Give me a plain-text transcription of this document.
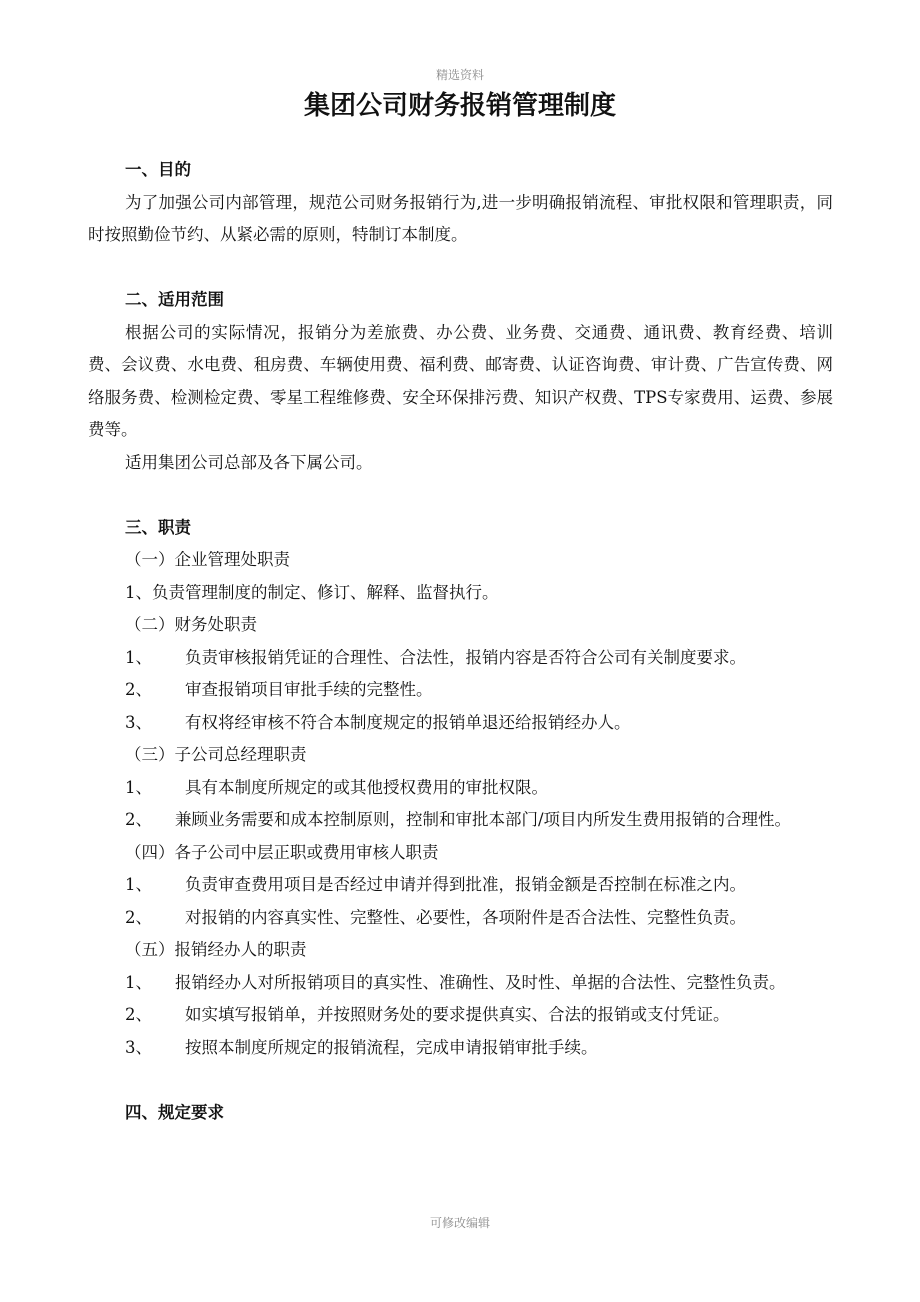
精选资料
集团公司财务报销管理制度
一、目的

为了加强公司内部管理，规范公司财务报销行为,进一步明确报销流程、审批权限和管理职责，同时按照勤俭节约、从紧必需的原则，特制订本制度。

二、适用范围

根据公司的实际情况，报销分为差旅费、办公费、业务费、交通费、通讯费、教育经费、培训费、会议费、水电费、租房费、车辆使用费、福利费、邮寄费、认证咨询费、审计费、广告宣传费、网络服务费、检测检定费、零星工程维修费、安全环保排污费、知识产权费、TPS专家费用、运费、参展费等。

适用集团公司总部及各下属公司。

三、职责
（一）企业管理处职责
1、负责管理制度的制定、修订、解释、监督执行。
（二）财务处职责
1、	负责审核报销凭证的合理性、合法性，报销内容是否符合公司有关制度要求。
2、	审查报销项目审批手续的完整性。
3、	有权将经审核不符合本制度规定的报销单退还给报销经办人。
（三）子公司总经理职责
1、	具有本制度所规定的或其他授权费用的审批权限。

2、 兼顾业务需要和成本控制原则，控制和审批本部门/项目内所发生费用报销的合理性。

（四）各子公司中层正职或费用审核人职责
1、	负责审查费用项目是否经过申请并得到批准，报销金额是否控制在标准之内。
2、	对报销的内容真实性、完整性、必要性，各项附件是否合法性、完整性负责。
（五）报销经办人的职责

1、 报销经办人对所报销项目的真实性、准确性、及时性、单据的合法性、完整性负责。

2、	如实填写报销单，并按照财务处的要求提供真实、合法的报销或支付凭证。
3、	按照本制度所规定的报销流程，完成申请报销审批手续。
四、规定要求
可修改编辑
